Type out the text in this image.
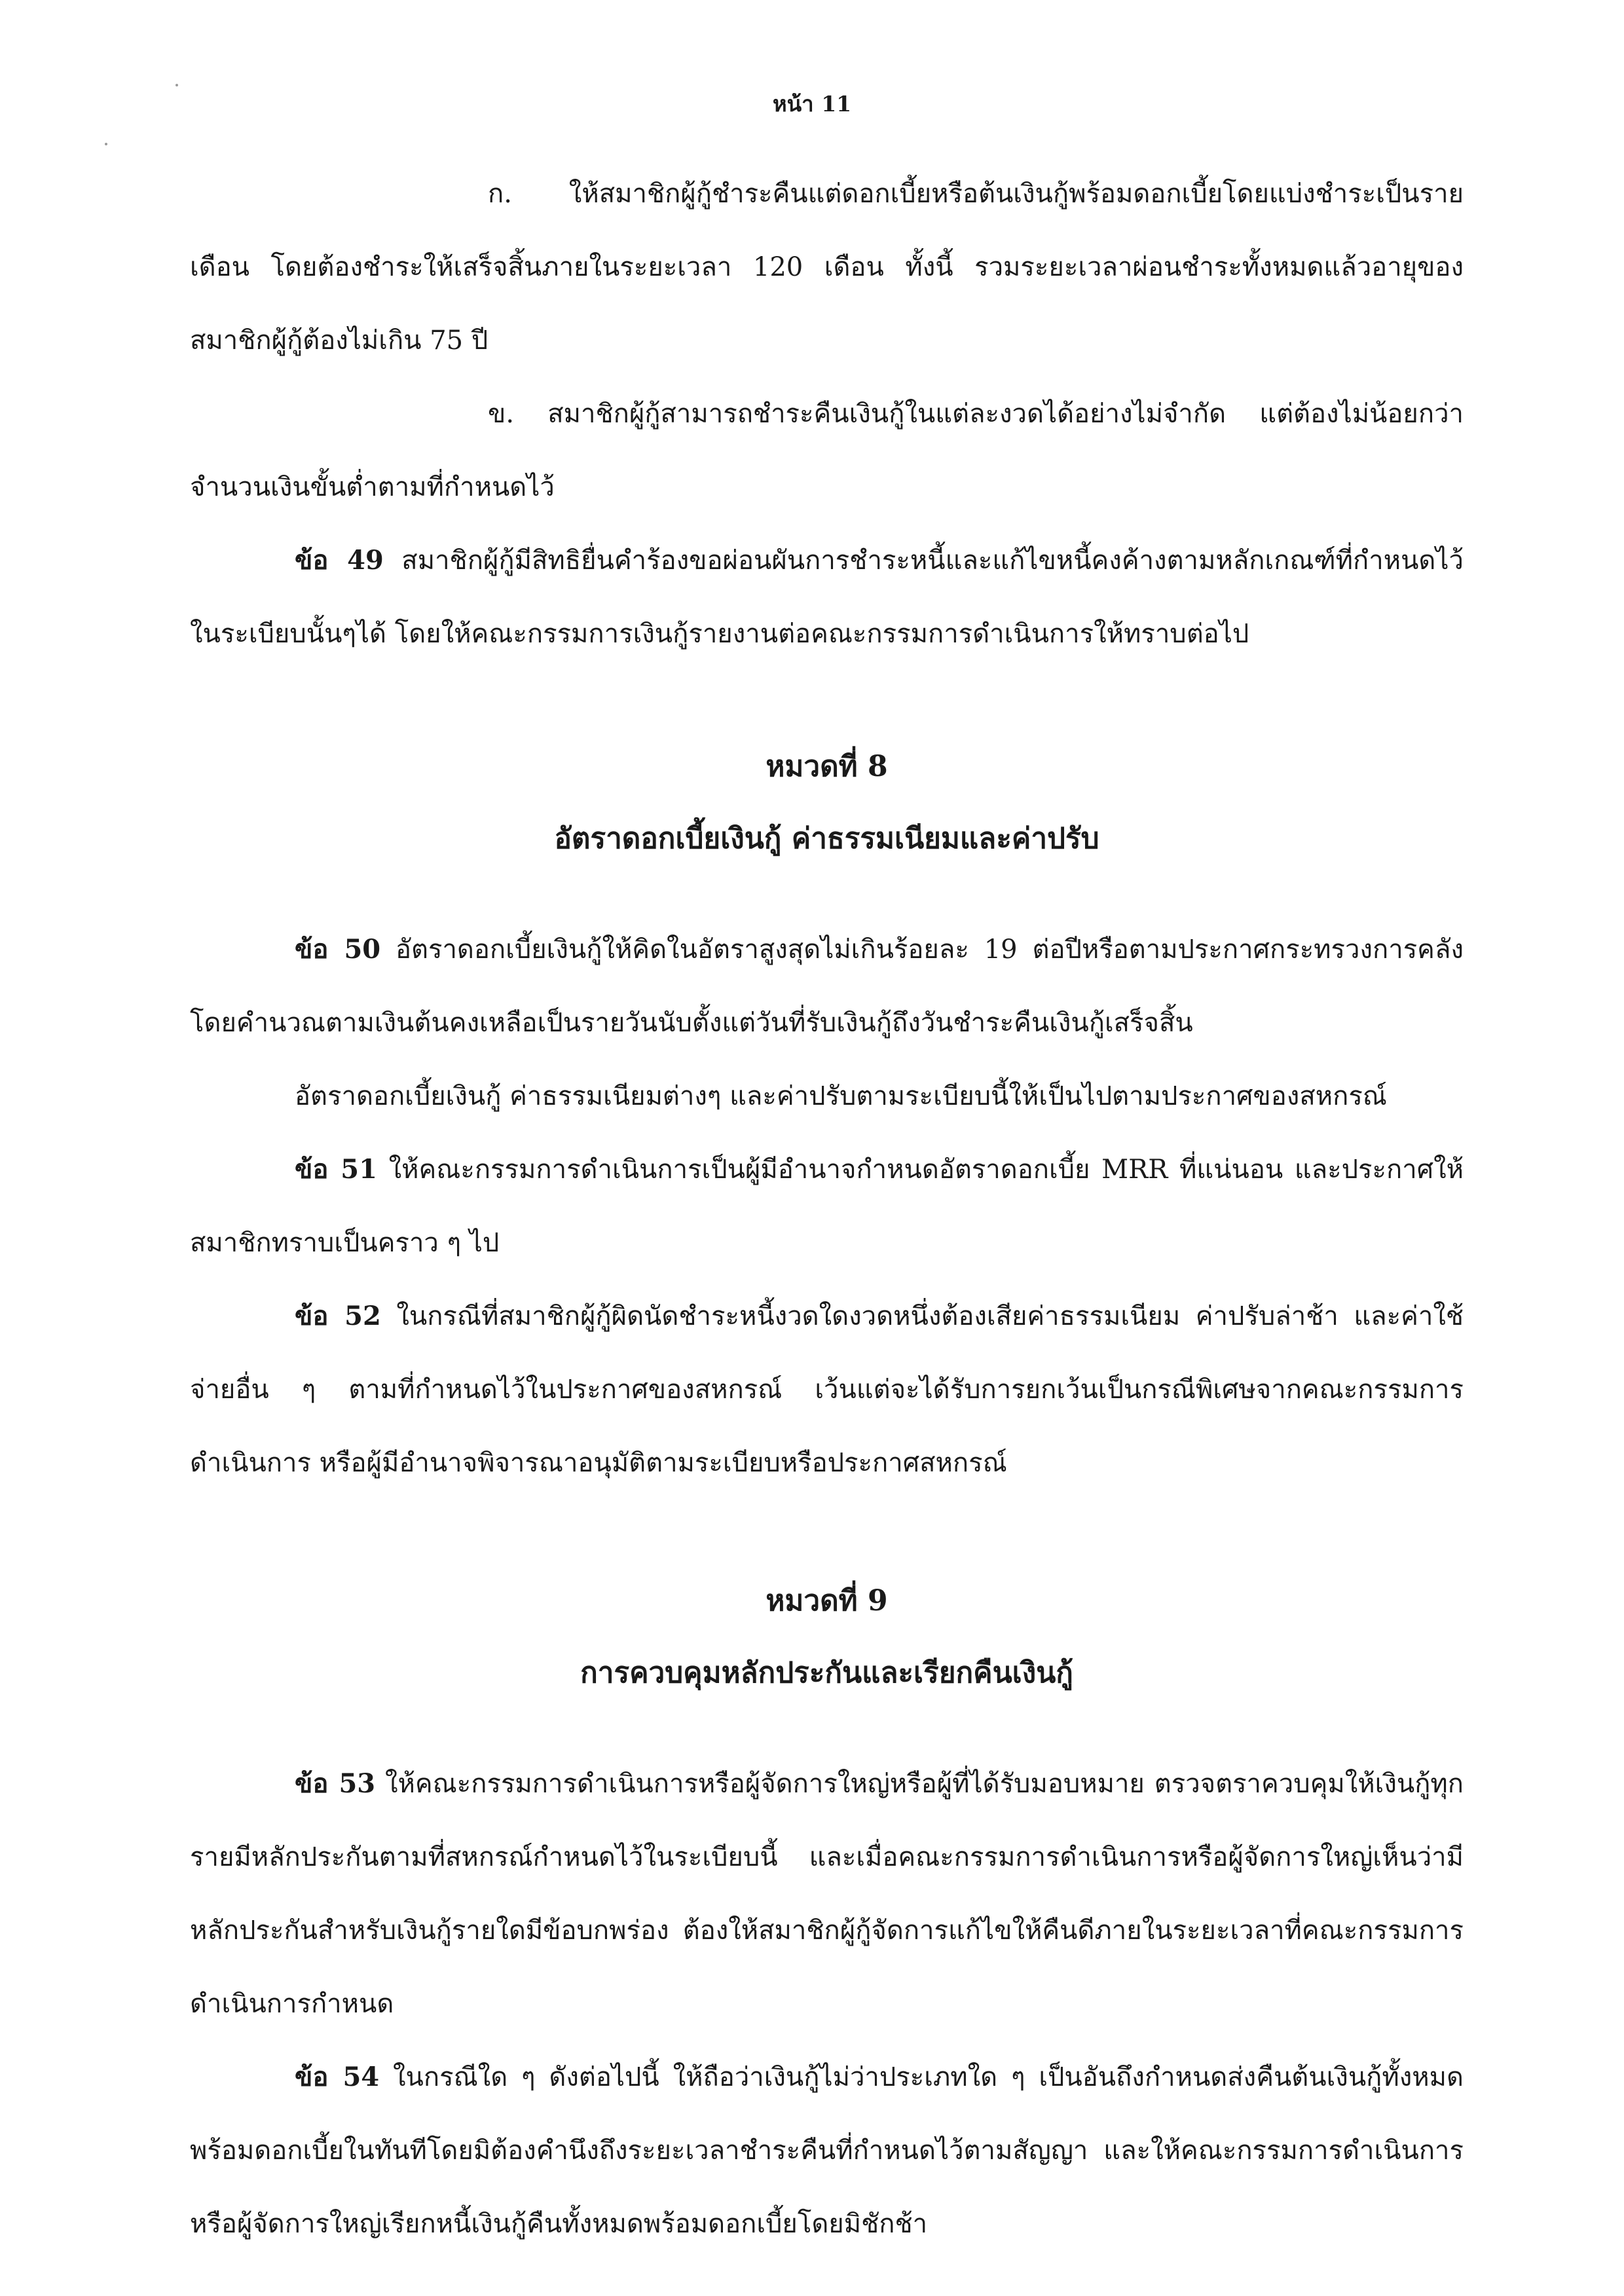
หน้า 11

ก. ให้สมาชิกผู้กู้ชำระคืนแต่ดอกเบี้ยหรือต้นเงินกู้พร้อมดอกเบี้ยโดยแบ่งชำระเป็นรายเดือน โดยต้องชำระให้เสร็จสิ้นภายในระยะเวลา 120 เดือน ทั้งนี้ รวมระยะเวลาผ่อนชำระทั้งหมดแล้วอายุของสมาชิกผู้กู้ต้องไม่เกิน 75 ปี

ข. สมาชิกผู้กู้สามารถชำระคืนเงินกู้ในแต่ละงวดได้อย่างไม่จำกัด แต่ต้องไม่น้อยกว่าจำนวนเงินขั้นต่ำตามที่กำหนดไว้

ข้อ 49 สมาชิกผู้กู้มีสิทธิยื่นคำร้องขอผ่อนผันการชำระหนี้และแก้ไขหนี้คงค้างตามหลักเกณฑ์ที่กำหนดไว้ในระเบียบนั้นๆได้ โดยให้คณะกรรมการเงินกู้รายงานต่อคณะกรรมการดำเนินการให้ทราบต่อไป

หมวดที่ 8

อัตราดอกเบี้ยเงินกู้ ค่าธรรมเนียมและค่าปรับ

ข้อ 50 อัตราดอกเบี้ยเงินกู้ให้คิดในอัตราสูงสุดไม่เกินร้อยละ 19 ต่อปีหรือตามประกาศกระทรวงการคลัง โดยคำนวณตามเงินต้นคงเหลือเป็นรายวันนับตั้งแต่วันที่รับเงินกู้ถึงวันชำระคืนเงินกู้เสร็จสิ้น

อัตราดอกเบี้ยเงินกู้ ค่าธรรมเนียมต่างๆ และค่าปรับตามระเบียบนี้ให้เป็นไปตามประกาศของสหกรณ์

ข้อ 51 ให้คณะกรรมการดำเนินการเป็นผู้มีอำนาจกำหนดอัตราดอกเบี้ย MRR ที่แน่นอน และประกาศให้สมาชิกทราบเป็นคราว ๆ ไป

ข้อ 52 ในกรณีที่สมาชิกผู้กู้ผิดนัดชำระหนี้งวดใดงวดหนึ่งต้องเสียค่าธรรมเนียม ค่าปรับล่าช้า และค่าใช้จ่ายอื่น ๆ ตามที่กำหนดไว้ในประกาศของสหกรณ์ เว้นแต่จะได้รับการยกเว้นเป็นกรณีพิเศษจากคณะกรรมการดำเนินการ หรือผู้มีอำนาจพิจารณาอนุมัติตามระเบียบหรือประกาศสหกรณ์

หมวดที่ 9

การควบคุมหลักประกันและเรียกคืนเงินกู้

ข้อ 53 ให้คณะกรรมการดำเนินการหรือผู้จัดการใหญ่หรือผู้ที่ได้รับมอบหมาย ตรวจตราควบคุมให้เงินกู้ทุกรายมีหลักประกันตามที่สหกรณ์กำหนดไว้ในระเบียบนี้ และเมื่อคณะกรรมการดำเนินการหรือผู้จัดการใหญ่เห็นว่ามีหลักประกันสำหรับเงินกู้รายใดมีข้อบกพร่อง ต้องให้สมาชิกผู้กู้จัดการแก้ไขให้คืนดีภายในระยะเวลาที่คณะกรรมการดำเนินการกำหนด

ข้อ 54 ในกรณีใด ๆ ดังต่อไปนี้ ให้ถือว่าเงินกู้ไม่ว่าประเภทใด ๆ เป็นอันถึงกำหนดส่งคืนต้นเงินกู้ทั้งหมดพร้อมดอกเบี้ยในทันทีโดยมิต้องคำนึงถึงระยะเวลาชำระคืนที่กำหนดไว้ตามสัญญา และให้คณะกรรมการดำเนินการหรือผู้จัดการใหญ่เรียกหนี้เงินกู้คืนทั้งหมดพร้อมดอกเบี้ยโดยมิชักช้า
